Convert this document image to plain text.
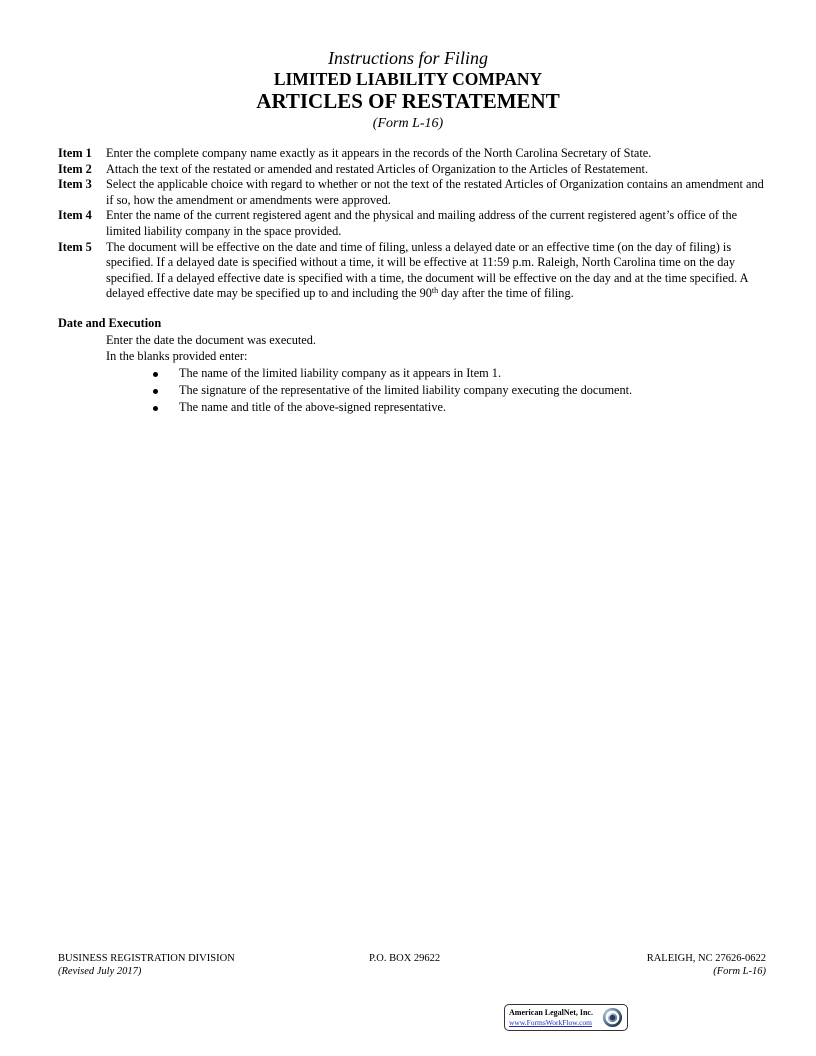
Instructions for Filing
LIMITED LIABILITY COMPANY
ARTICLES OF RESTATEMENT
(Form L-16)
Item 1	Enter the complete company name exactly as it appears in the records of the North Carolina Secretary of State.
Item 2	Attach the text of the restated or amended and restated Articles of Organization to the Articles of Restatement.
Item 3	Select the applicable choice with regard to whether or not the text of the restated Articles of Organization contains an amendment and if so, how the amendment or amendments were approved.
Item 4	Enter the name of the current registered agent and the physical and mailing address of the current registered agent’s office of the limited liability company in the space provided.
Item 5	The document will be effective on the date and time of filing, unless a delayed date or an effective time (on the day of filing) is specified. If a delayed date is specified without a time, it will be effective at 11:59 p.m. Raleigh, North Carolina time on the day specified. If a delayed effective date is specified with a time, the document will be effective on the day and at the time specified. A delayed effective date may be specified up to and including the 90th day after the time of filing.
Date and Execution
Enter the date the document was executed.
In the blanks provided enter:
The name of the limited liability company as it appears in Item 1.
The signature of the representative of the limited liability company executing the document.
The name and title of the above-signed representative.
BUSINESS REGISTRATION DIVISION
(Revised July 2017)
P.O. BOX 29622	RALEIGH, NC 27626-0622
(Form L-16)
American LegalNet, Inc.
www.FormsWorkFlow.com
